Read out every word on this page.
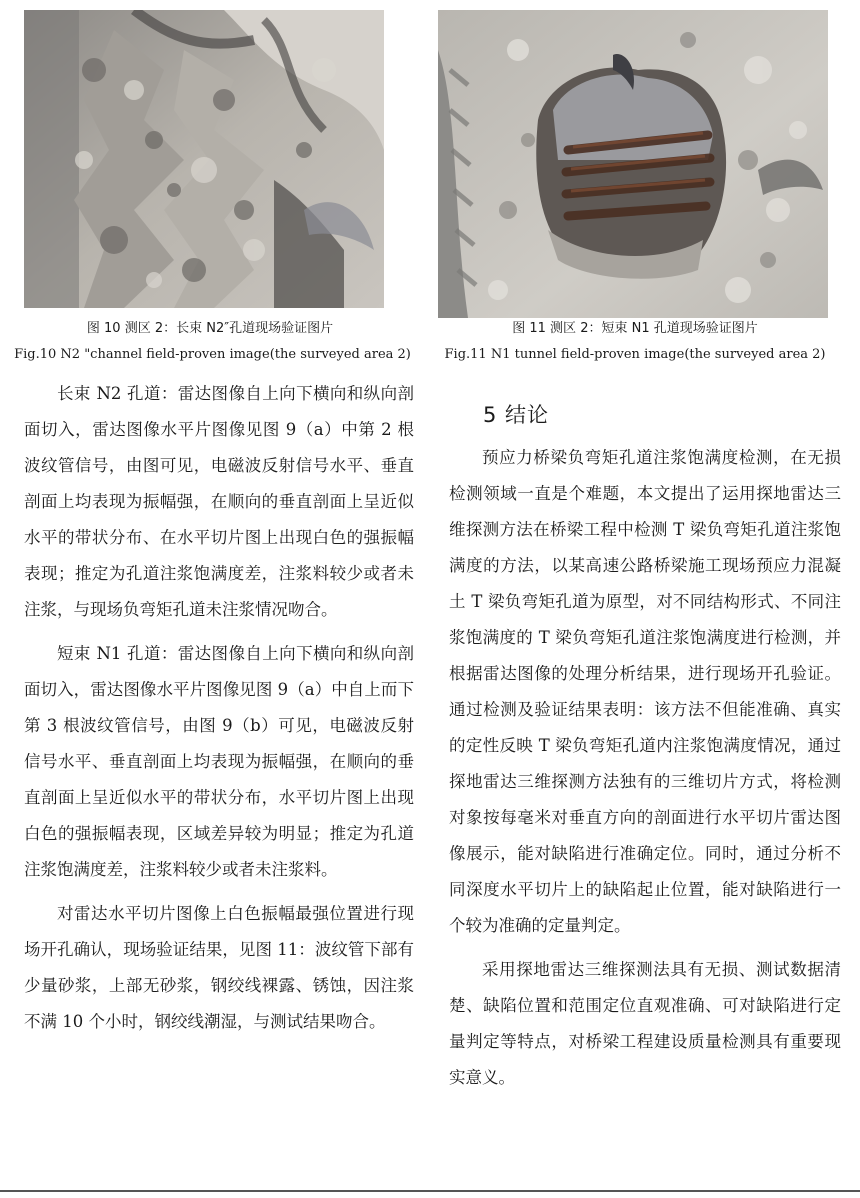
图 10 测区 2：长束 N2″孔道现场验证图片
Fig.10 N2 "channel field-proven image(the surveyed area 2)
图 11 测区 2：短束 N1 孔道现场验证图片
Fig.11 N1 tunnel field-proven image(the surveyed area 2)

长束 N2 孔道：雷达图像自上向下横向和纵向剖面切入，雷达图像水平片图像见图 9（a）中第 2 根波纹管信号，由图可见，电磁波反射信号水平、垂直剖面上均表现为振幅强，在顺向的垂直剖面上呈近似水平的带状分布、在水平切片图上出现白色的强振幅表现；推定为孔道注浆饱满度差，注浆料较少或者未注浆，与现场负弯矩孔道未注浆情况吻合。

短束 N1 孔道：雷达图像自上向下横向和纵向剖面切入，雷达图像水平片图像见图 9（a）中自上而下第 3 根波纹管信号，由图 9（b）可见，电磁波反射信号水平、垂直剖面上均表现为振幅强，在顺向的垂直剖面上呈近似水平的带状分布，水平切片图上出现白色的强振幅表现，区域差异较为明显；推定为孔道注浆饱满度差，注浆料较少或者未注浆料。

对雷达水平切片图像上白色振幅最强位置进行现场开孔确认，现场验证结果，见图 11：波纹管下部有少量砂浆，上部无砂浆，钢绞线裸露、锈蚀，因注浆不满 10 个小时，钢绞线潮湿，与测试结果吻合。

5 结论

预应力桥梁负弯矩孔道注浆饱满度检测，在无损检测领域一直是个难题，本文提出了运用探地雷达三维探测方法在桥梁工程中检测 T 梁负弯矩孔道注浆饱满度的方法，以某高速公路桥梁施工现场预应力混凝土 T 梁负弯矩孔道为原型，对不同结构形式、不同注浆饱满度的 T 梁负弯矩孔道注浆饱满度进行检测，并根据雷达图像的处理分析结果，进行现场开孔验证。通过检测及验证结果表明：该方法不但能准确、真实的定性反映 T 梁负弯矩孔道内注浆饱满度情况，通过探地雷达三维探测方法独有的三维切片方式，将检测对象按每毫米对垂直方向的剖面进行水平切片雷达图像展示，能对缺陷进行准确定位。同时，通过分析不同深度水平切片上的缺陷起止位置，能对缺陷进行一个较为准确的定量判定。

采用探地雷达三维探测法具有无损、测试数据清楚、缺陷位置和范围定位直观准确、可对缺陷进行定量判定等特点，对桥梁工程建设质量检测具有重要现实意义。
